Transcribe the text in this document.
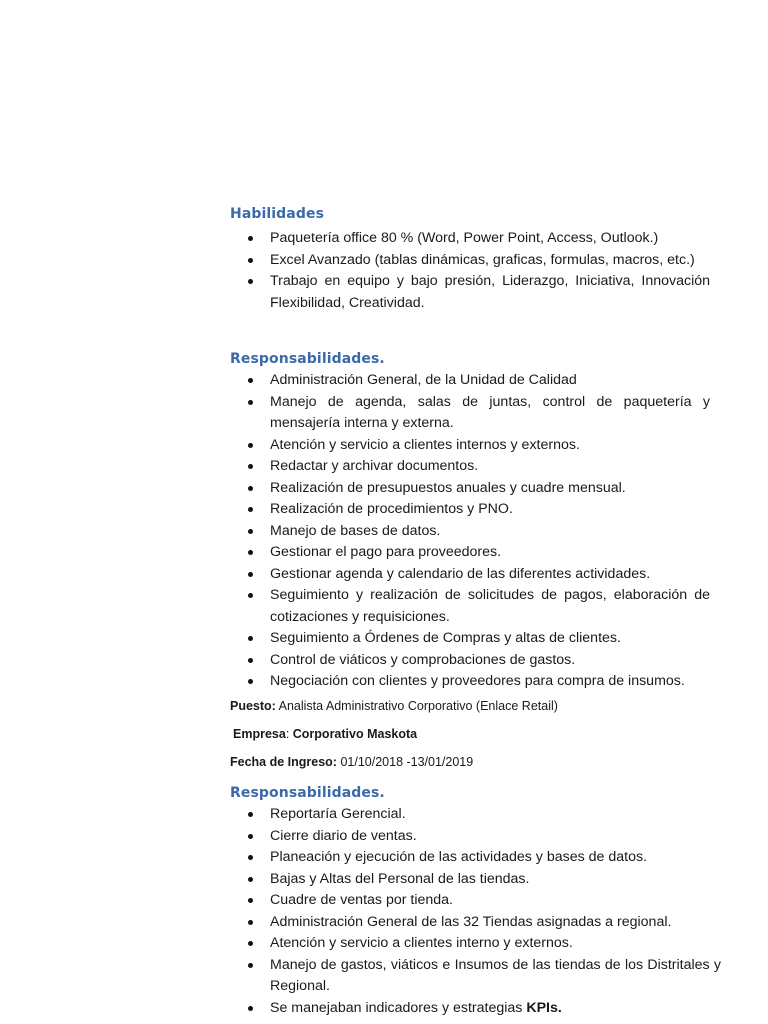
Habilidades
Paquetería office 80 % (Word, Power Point, Access, Outlook.)
Excel Avanzado (tablas dinámicas, graficas, formulas, macros, etc.)
Trabajo en equipo y bajo presión, Liderazgo, Iniciativa, Innovación Flexibilidad, Creatividad.
Responsabilidades.
Administración General, de la Unidad de Calidad
Manejo de agenda, salas de juntas, control de paquetería y mensajería interna y externa.
Atención y servicio a clientes internos y externos.
Redactar y archivar documentos.
Realización de presupuestos anuales y cuadre mensual.
Realización de procedimientos y PNO.
Manejo de bases de datos.
Gestionar el pago para proveedores.
Gestionar agenda y calendario de las diferentes actividades.
Seguimiento y realización de solicitudes de pagos, elaboración de cotizaciones y requisiciones.
Seguimiento a Órdenes de Compras y altas de clientes.
Control de viáticos y comprobaciones de gastos.
Negociación con clientes y proveedores para compra de insumos.
Puesto: Analista Administrativo Corporativo (Enlace Retail)
Empresa: Corporativo Maskota
Fecha de Ingreso: 01/10/2018 -13/01/2019
Responsabilidades.
Reportaría Gerencial.
Cierre diario de ventas.
Planeación y ejecución de las actividades y bases de datos.
Bajas y Altas del Personal de las tiendas.
Cuadre de ventas por tienda.
Administración General de las 32 Tiendas asignadas a regional.
Atención y servicio a clientes interno y externos.
Manejo de gastos, viáticos e Insumos de las tiendas de los Distritales y Regional.
Se manejaban indicadores y estrategias KPIs.
